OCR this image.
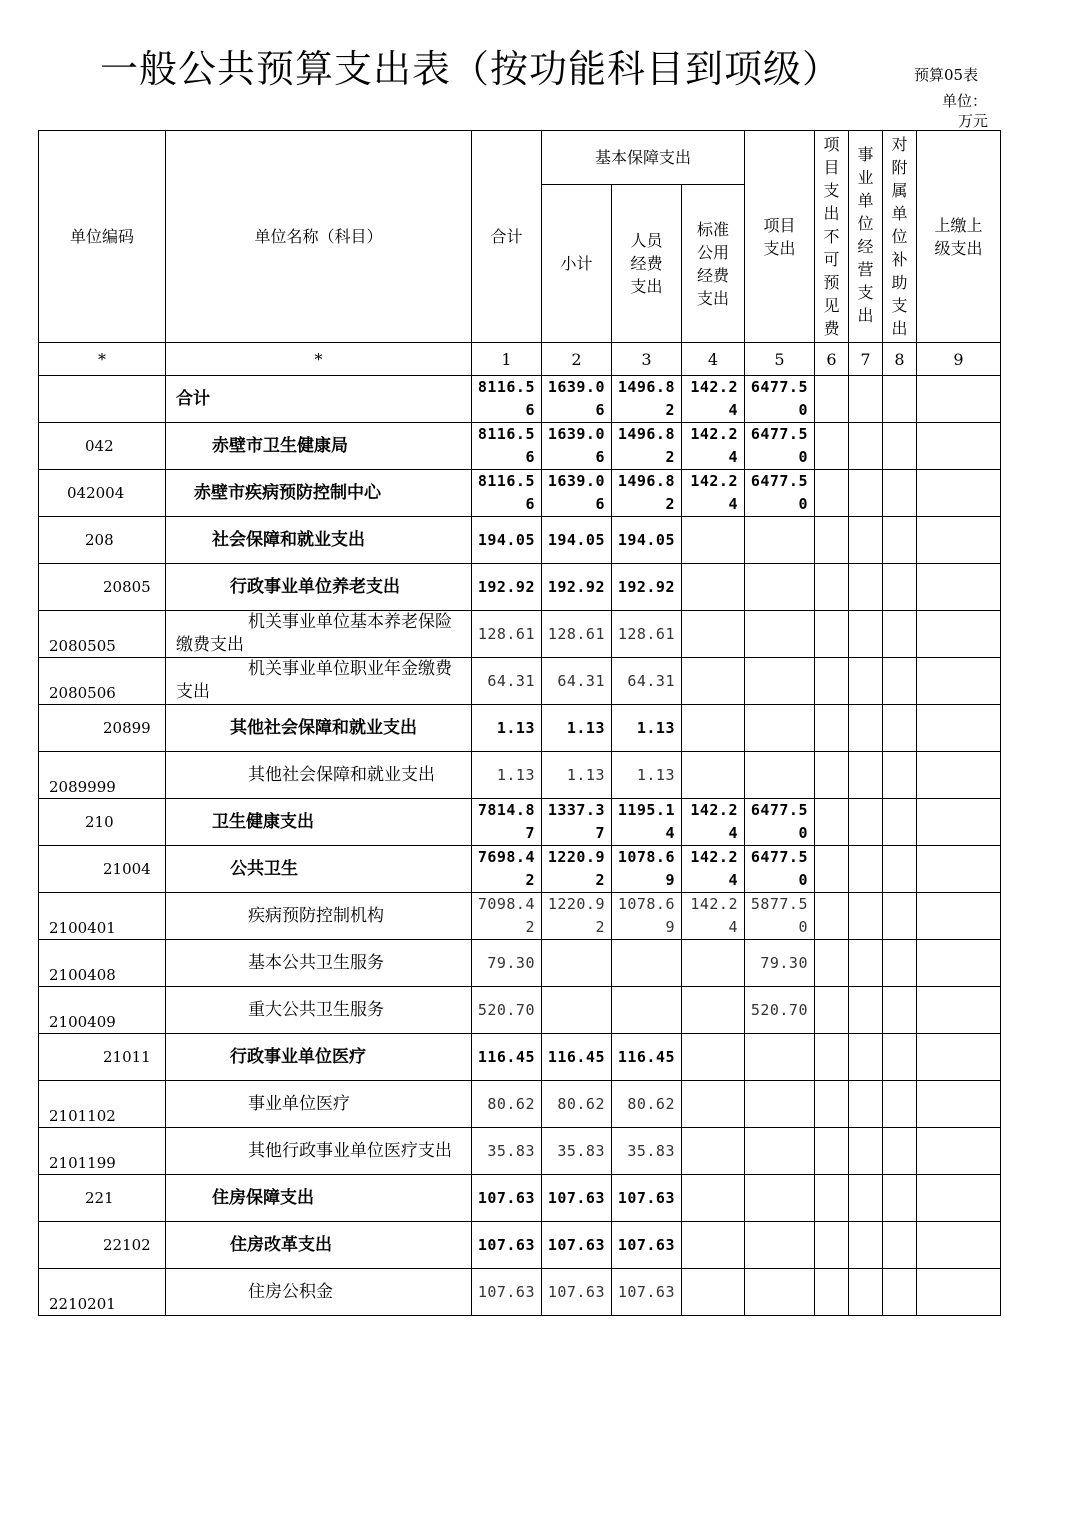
一般公共预算支出表（按功能科目到项级）	预算05表
单位：
万元
单位编码	单位名称（科目）	合计	基本保障支出			项目支出	项目支出不可预见费	事业单位经营支出	对附属单位补助支出	上缴上级支出

			小计	人员经费支出	标准公用经费支出					

*	*	1	2	3	4	5	6	7	8	9
	合计	8116.56	1639.06	1496.82	142.24	6477.50				
042	赤壁市卫生健康局	8116.56	1639.06	1496.82	142.24	6477.50				
042004	赤壁市疾病预防控制中心	8116.56	1639.06	1496.82	142.24	6477.50				
208	社会保障和就业支出	194.05	194.05	194.05						
20805	行政事业单位养老支出	192.92	192.92	192.92						
2080505	机关事业单位基本养老保险缴费支出	128.61	128.61	128.61						
2080506	机关事业单位职业年金缴费支出	64.31	64.31	64.31						
20899	其他社会保障和就业支出	1.13	1.13	1.13						
2089999	其他社会保障和就业支出	1.13	1.13	1.13						
210	卫生健康支出	7814.87	1337.37	1195.14	142.24	6477.50				
21004	公共卫生	7698.42	1220.92	1078.69	142.24	6477.50				
2100401	疾病预防控制机构	7098.42	1220.92	1078.69	142.24	5877.50				
2100408	基本公共卫生服务	79.30				79.30				
2100409	重大公共卫生服务	520.70				520.70				
21011	行政事业单位医疗	116.45	116.45	116.45						
2101102	事业单位医疗	80.62	80.62	80.62						
2101199	其他行政事业单位医疗支出	35.83	35.83	35.83						
221	住房保障支出	107.63	107.63	107.63						
22102	住房改革支出	107.63	107.63	107.63						
2210201	住房公积金	107.63	107.63	107.63						
